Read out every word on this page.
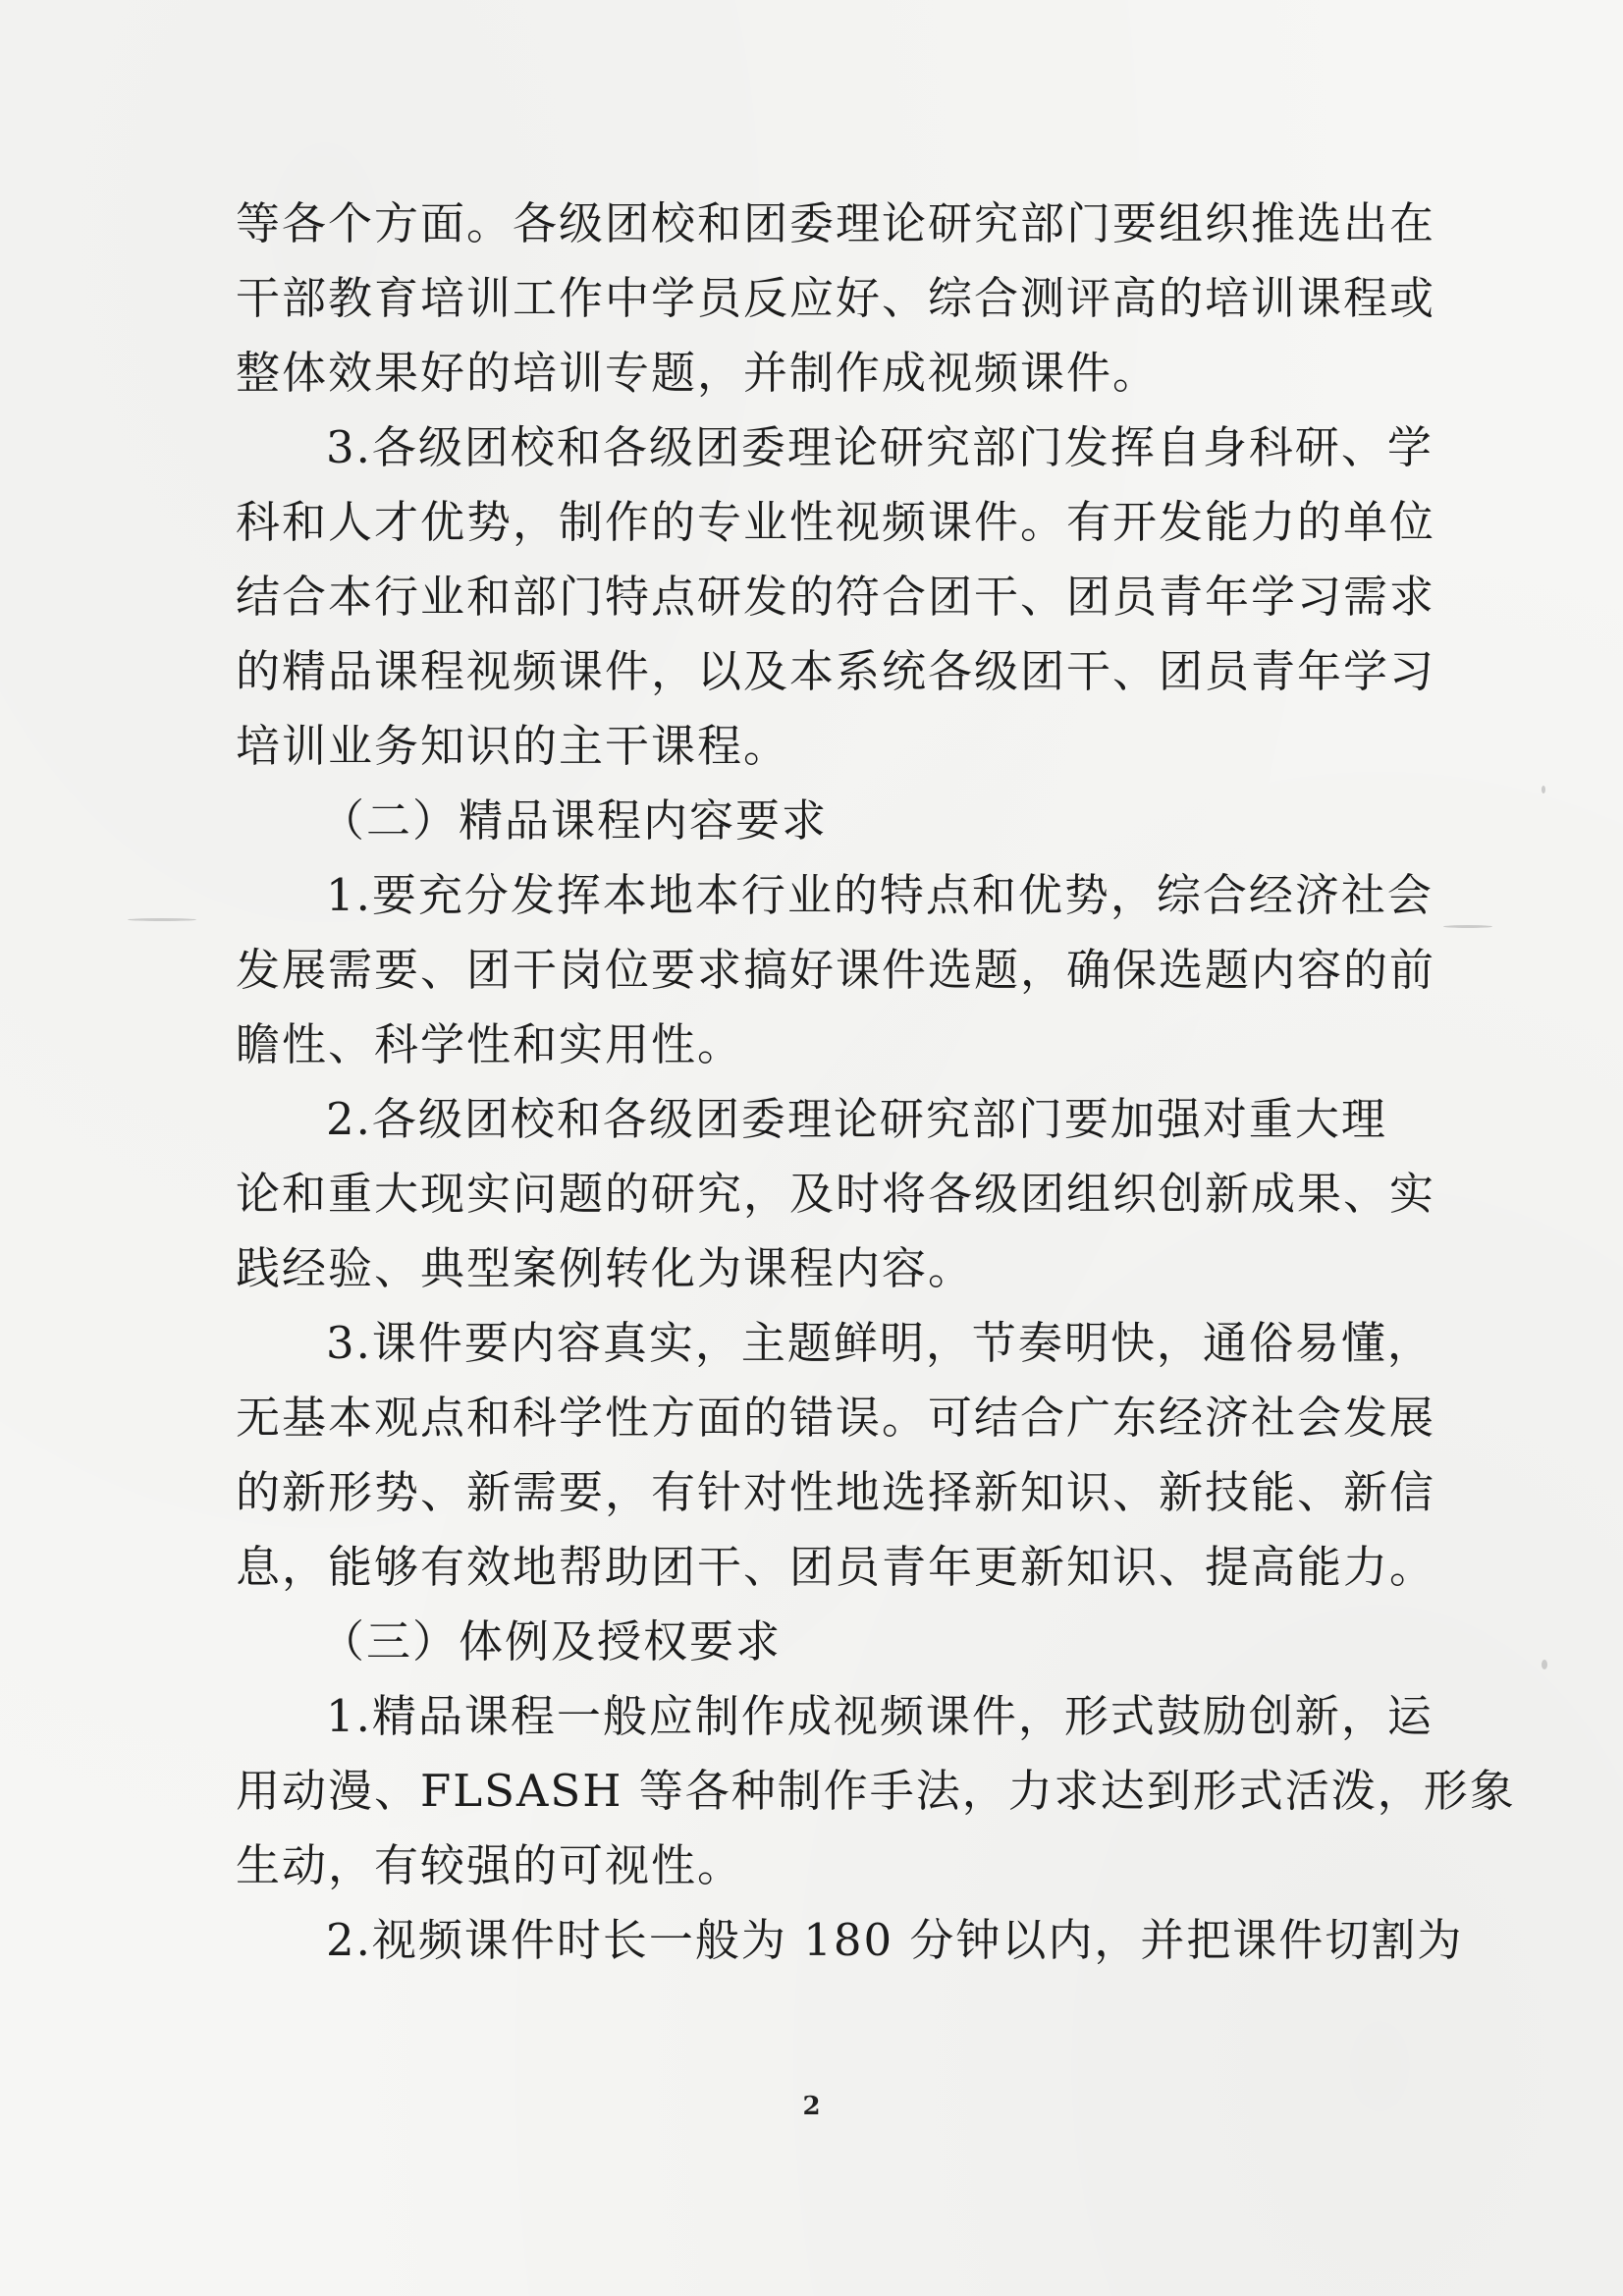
等各个方面。各级团校和团委理论研究部门要组织推选出在
干部教育培训工作中学员反应好、综合测评高的培训课程或
整体效果好的培训专题，并制作成视频课件。
3.各级团校和各级团委理论研究部门发挥自身科研、学
科和人才优势，制作的专业性视频课件。有开发能力的单位
结合本行业和部门特点研发的符合团干、团员青年学习需求
的精品课程视频课件，以及本系统各级团干、团员青年学习
培训业务知识的主干课程。
（二）精品课程内容要求
1.要充分发挥本地本行业的特点和优势，综合经济社会
发展需要、团干岗位要求搞好课件选题，确保选题内容的前
瞻性、科学性和实用性。
2.各级团校和各级团委理论研究部门要加强对重大理
论和重大现实问题的研究，及时将各级团组织创新成果、实
践经验、典型案例转化为课程内容。
3.课件要内容真实，主题鲜明，节奏明快，通俗易懂，
无基本观点和科学性方面的错误。可结合广东经济社会发展
的新形势、新需要，有针对性地选择新知识、新技能、新信
息，能够有效地帮助团干、团员青年更新知识、提高能力。
（三）体例及授权要求
1.精品课程一般应制作成视频课件，形式鼓励创新，运
用动漫、FLSASH 等各种制作手法，力求达到形式活泼，形象
生动，有较强的可视性。
2.视频课件时长一般为 180 分钟以内，并把课件切割为
2
